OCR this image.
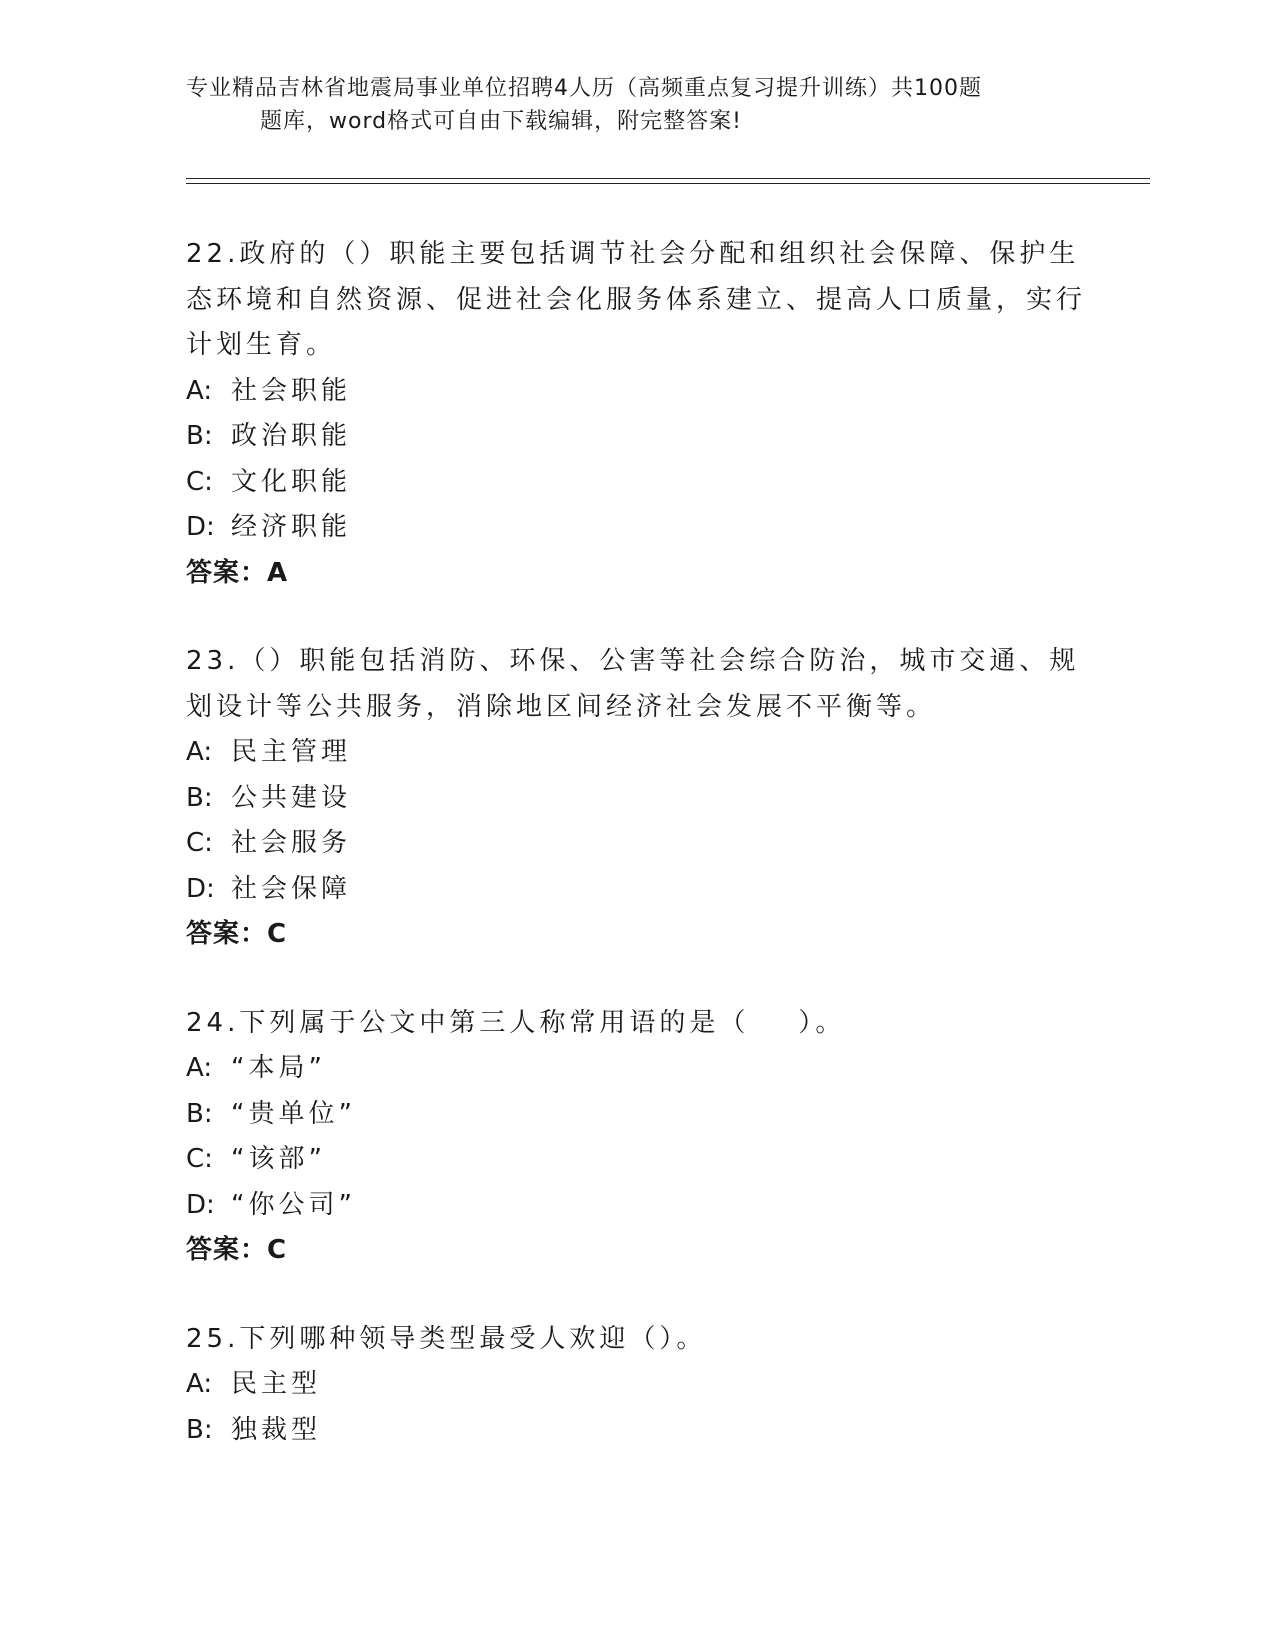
专业精品吉林省地震局事业单位招聘4人历（高频重点复习提升训练）共100题
题库，word格式可自由下载编辑，附完整答案!
22.政府的（）职能主要包括调节社会分配和组织社会保障、保护生态环境和自然资源、促进社会化服务体系建立、提高人口质量，实行计划生育。
A: 社会职能
B: 政治职能
C: 文化职能
D: 经济职能
答案：A
23.（）职能包括消防、环保、公害等社会综合防治，城市交通、规划设计等公共服务，消除地区间经济社会发展不平衡等。
A: 民主管理
B: 公共建设
C: 社会服务
D: 社会保障
答案：C
24.下列属于公文中第三人称常用语的是（    ）。
A: “本局”
B: “贵单位”
C: “该部”
D: “你公司”
答案：C
25.下列哪种领导类型最受人欢迎（）。
A: 民主型
B: 独裁型
